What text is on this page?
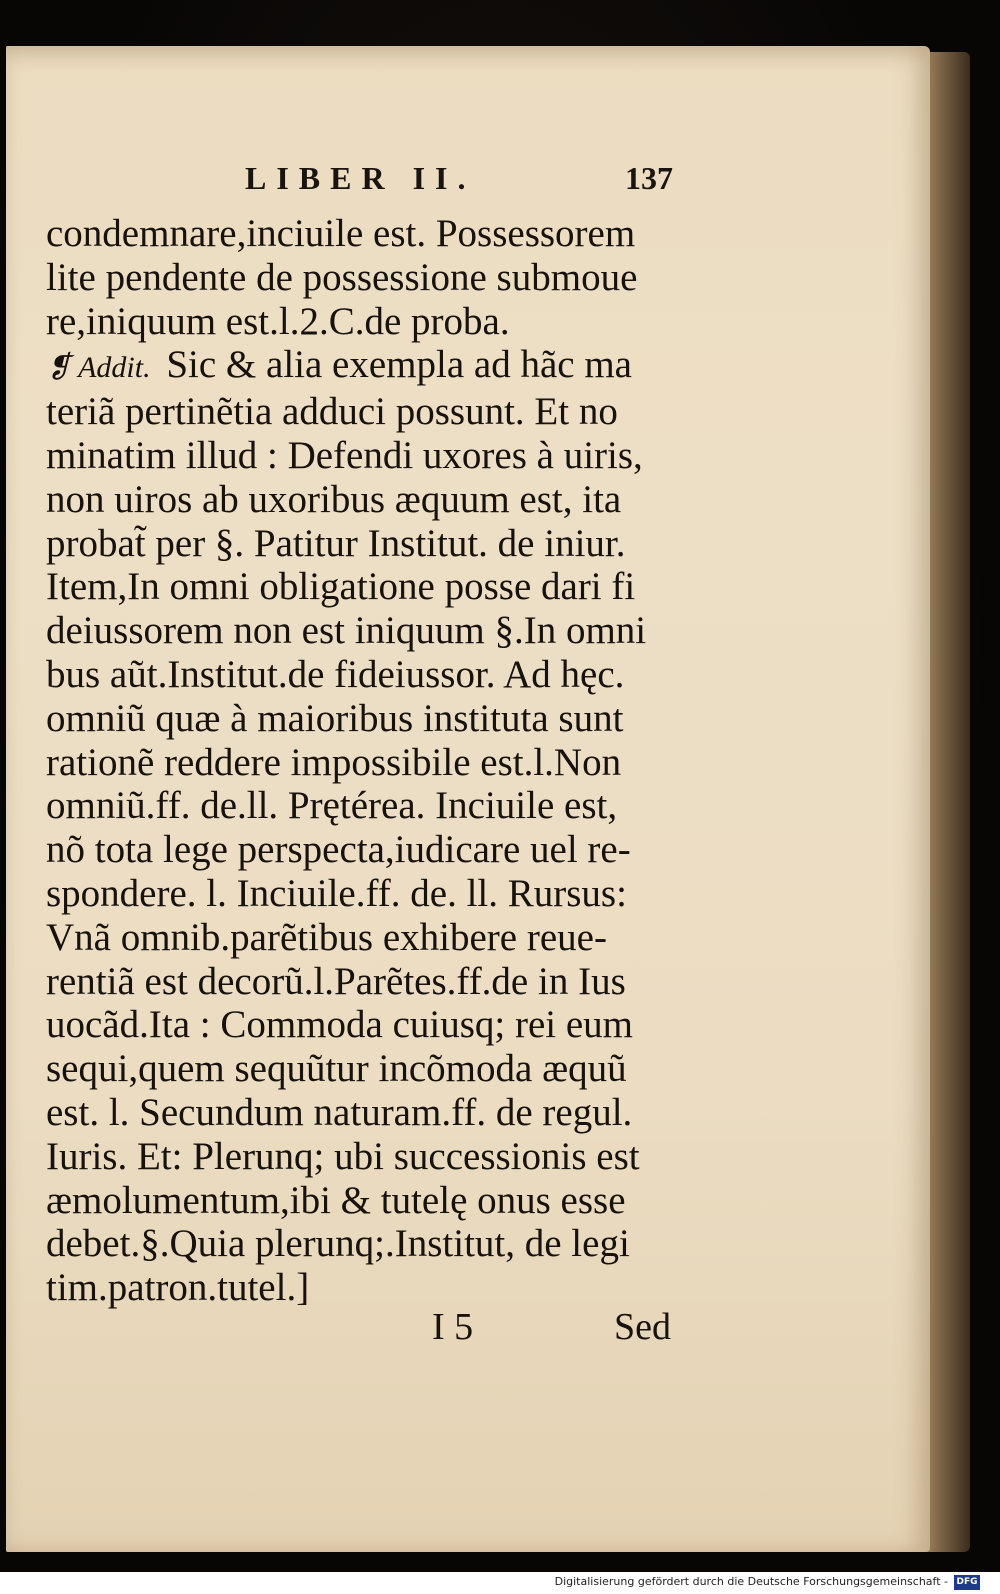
LIBER II.	137
condemnare,inciuile est. Possessorem
lite pendente de possessione submoue
re,iniquum est.l.2.C.de proba.
❡ Addit. Sic & alia exempla ad hãc ma
teriã pertinẽtia adduci possunt. Et no
minatim illud : Defendi uxores à uiris,
non uiros ab uxoribus æquum est, ita
probat̃ per §. Patitur Institut. de iniur.
Item,In omni obligatione posse dari fi
deiussorem non est iniquum §.In omni
bus aũt.Institut.de fideiussor. Ad hęc.
omniũ quæ à maioribus instituta sunt
rationẽ reddere impossibile est.l.Non
omniũ.ff. de.ll. Prętérea. Inciuile est,
nõ tota lege perspecta,iudicare uel re-
spondere. l. Inciuile.ff. de. ll. Rursus:
Vnã omnib.parẽtibus exhibere reue-
rentiã est decorũ.l.Parẽtes.ff.de in Ius
uocãd.Ita : Commoda cuiusq; rei eum
sequi,quem sequũtur incõmoda æquũ
est. l. Secundum naturam.ff. de regul.
Iuris. Et: Plerunq; ubi successionis est
æmolumentum,ibi & tutelę onus esse
debet.§.Quia plerunq;.Institut, de legi
tim.patron.tutel.]
I 5	Sed
Digitalisierung gefördert durch die Deutsche Forschungsgemeinschaft - DFG
